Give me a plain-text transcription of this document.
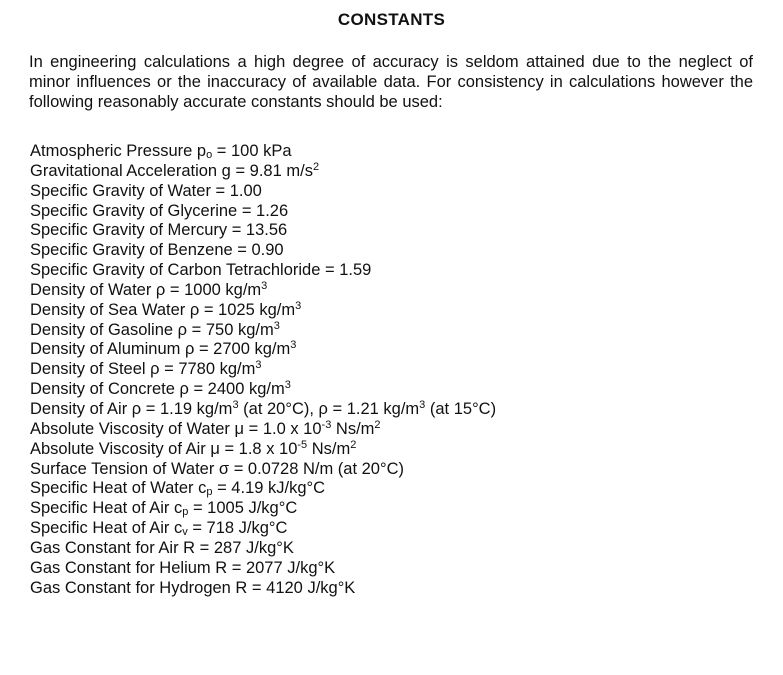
CONSTANTS
In engineering calculations a high degree of accuracy is seldom attained due to the neglect of minor influences or the inaccuracy of available data. For consistency in calculations however the following reasonably accurate constants should be used:
Atmospheric Pressure po = 100 kPa
Gravitational Acceleration g = 9.81 $m/s^2$
Specific Gravity of Water = 1.00
Specific Gravity of Glycerine = 1.26
Specific Gravity of Mercury = 13.56
Specific Gravity of Benzene = 0.90
Specific Gravity of Carbon Tetrachloride = 1.59
Density of Water ρ = 1000 $kg/m^3$
Density of Sea Water ρ = 1025 $kg/m^3$
Density of Gasoline ρ = 750 $kg/m^3$
Density of Aluminum ρ = 2700 $kg/m^3$
Density of Steel ρ = 7780 $kg/m^3$
Density of Concrete ρ = 2400 $kg/m^3$
Density of Air ρ = 1.19 $kg/m^3$ (at 20°C), ρ = 1.21 $kg/m^3$ (at 15°C)
Absolute Viscosity of Water μ = 1.0 x $10^{-3}$ $Ns/m^2$
Absolute Viscosity of Air μ = 1.8 x $10^{-5}$ $Ns/m^2$
Surface Tension of Water σ = 0.0728 N/m (at 20°C)
Specific Heat of Water cp = 4.19 kJ/kg°C
Specific Heat of Air cp = 1005 J/kg°C
Specific Heat of Air cv = 718 J/kg°C
Gas Constant for Air R = 287 J/kg°K
Gas Constant for Helium R = 2077 J/kg°K
Gas Constant for Hydrogen R = 4120 J/kg°K
